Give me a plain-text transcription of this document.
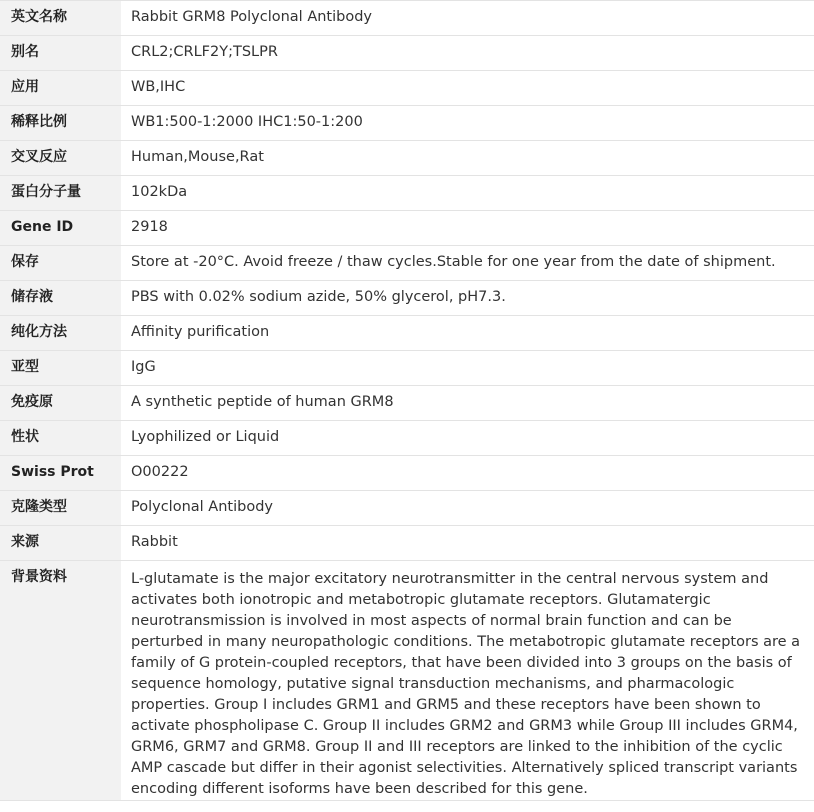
英文名称	Rabbit GRM8 Polyclonal Antibody
别名	CRL2;CRLF2Y;TSLPR
应用	WB,IHC
稀释比例	WB1:500-1:2000 IHC1:50-1:200
交叉反应	Human,Mouse,Rat
蛋白分子量	102kDa
Gene ID	2918
保存	Store at -20°C. Avoid freeze / thaw cycles.Stable for one year from the date of shipment.
储存液	PBS with 0.02% sodium azide, 50% glycerol, pH7.3.
纯化方法	Affinity purification
亚型	IgG
免疫原	A synthetic peptide of human GRM8
性状	Lyophilized or Liquid
Swiss Prot	O00222
克隆类型	Polyclonal Antibody
来源	Rabbit
背景资料	L-glutamate is the major excitatory neurotransmitter in the central nervous system and activates both ionotropic and metabotropic glutamate receptors. Glutamatergic neurotransmission is involved in most aspects of normal brain function and can be perturbed in many neuropathologic conditions. The metabotropic glutamate receptors are a family of G protein-coupled receptors, that have been divided into 3 groups on the basis of sequence homology, putative signal transduction mechanisms, and pharmacologic properties. Group I includes GRM1 and GRM5 and these receptors have been shown to activate phospholipase C. Group II includes GRM2 and GRM3 while Group III includes GRM4, GRM6, GRM7 and GRM8. Group II and III receptors are linked to the inhibition of the cyclic AMP cascade but differ in their agonist selectivities. Alternatively spliced transcript variants encoding different isoforms have been described for this gene.
